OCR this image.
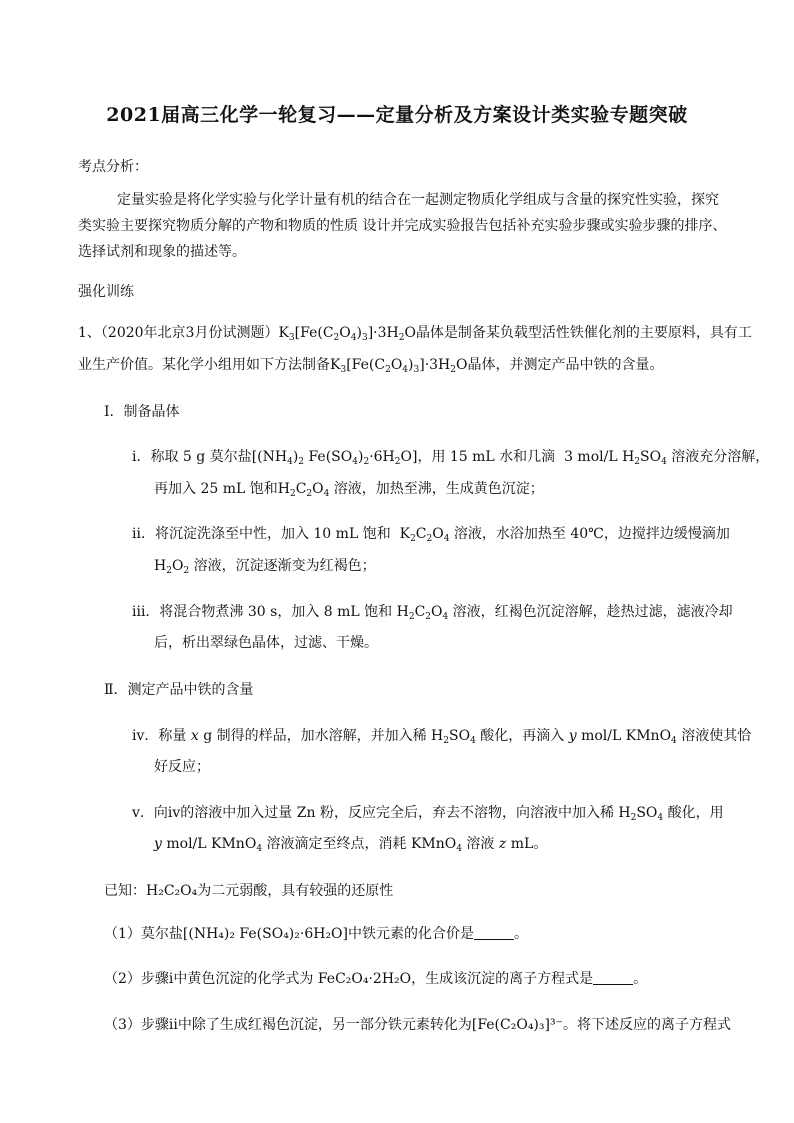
2021届高三化学一轮复习——定量分析及方案设计类实验专题突破
考点分析：
定量实验是将化学实验与化学计量有机的结合在一起测定物质化学组成与含量的探究性实验，探究
类实验主要探究物质分解的产物和物质的性质 设计并完成实验报告包括补充实验步骤或实验步骤的排序、
选择试剂和现象的描述等。
强化训练
1、（2020年北京3月份试测题）$K_3[Fe(C_2O_4)_3]\cdot 3H_2O$晶体是制备某负载型活性铁催化剂的主要原料，具有工
业生产价值。某化学小组用如下方法制备$K_3[Fe(C_2O_4)_3]\cdot 3H_2O$晶体，并测定产品中铁的含量。
Ⅰ．制备晶体
ⅰ．称取 5 g 莫尔盐[$(NH_4)_2$ $Fe(SO_4)_2\cdot 6H_2O$]，用 15 mL 水和几滴  3 mol/L $H_2SO_4$ 溶液充分溶解，
再加入 25 mL 饱和$H_2C_2O_4$ 溶液，加热至沸，生成黄色沉淀；
ⅱ．将沉淀洗涤至中性，加入 10 mL 饱和  $K_2C_2O_4$ 溶液，水浴加热至 40℃，边搅拌边缓慢滴加
$H_2O_2$ 溶液，沉淀逐渐变为红褐色；
ⅲ．将混合物煮沸 30 s，加入 8 mL 饱和 $H_2C_2O_4$ 溶液，红褐色沉淀溶解，趁热过滤，滤液冷却
后，析出翠绿色晶体，过滤、干燥。
Ⅱ．测定产品中铁的含量
ⅳ．称量 x g 制得的样品，加水溶解，并加入稀 $H_2SO_4$ 酸化，再滴入 y mol/L KMnO$_4$ 溶液使其恰
好反应；
ⅴ．向ⅳ的溶液中加入过量 Zn 粉，反应完全后，弃去不溶物，向溶液中加入稀 $H_2SO_4$ 酸化，用
y mol/L KMnO$_4$ 溶液滴定至终点，消耗 KMnO$_4$ 溶液 z mL。
已知：H₂C₂O₄为二元弱酸，具有较强的还原性
（1）莫尔盐[(NH₄)₂ Fe(SO₄)₂·6H₂O]中铁元素的化合价是	。
（2）步骤ⅰ中黄色沉淀的化学式为 FeC₂O₄·2H₂O，生成该沉淀的离子方程式是	。
（3）步骤ⅱ中除了生成红褐色沉淀，另一部分铁元素转化为[Fe(C₂O₄)₃]³⁻。将下述反应的离子方程式
